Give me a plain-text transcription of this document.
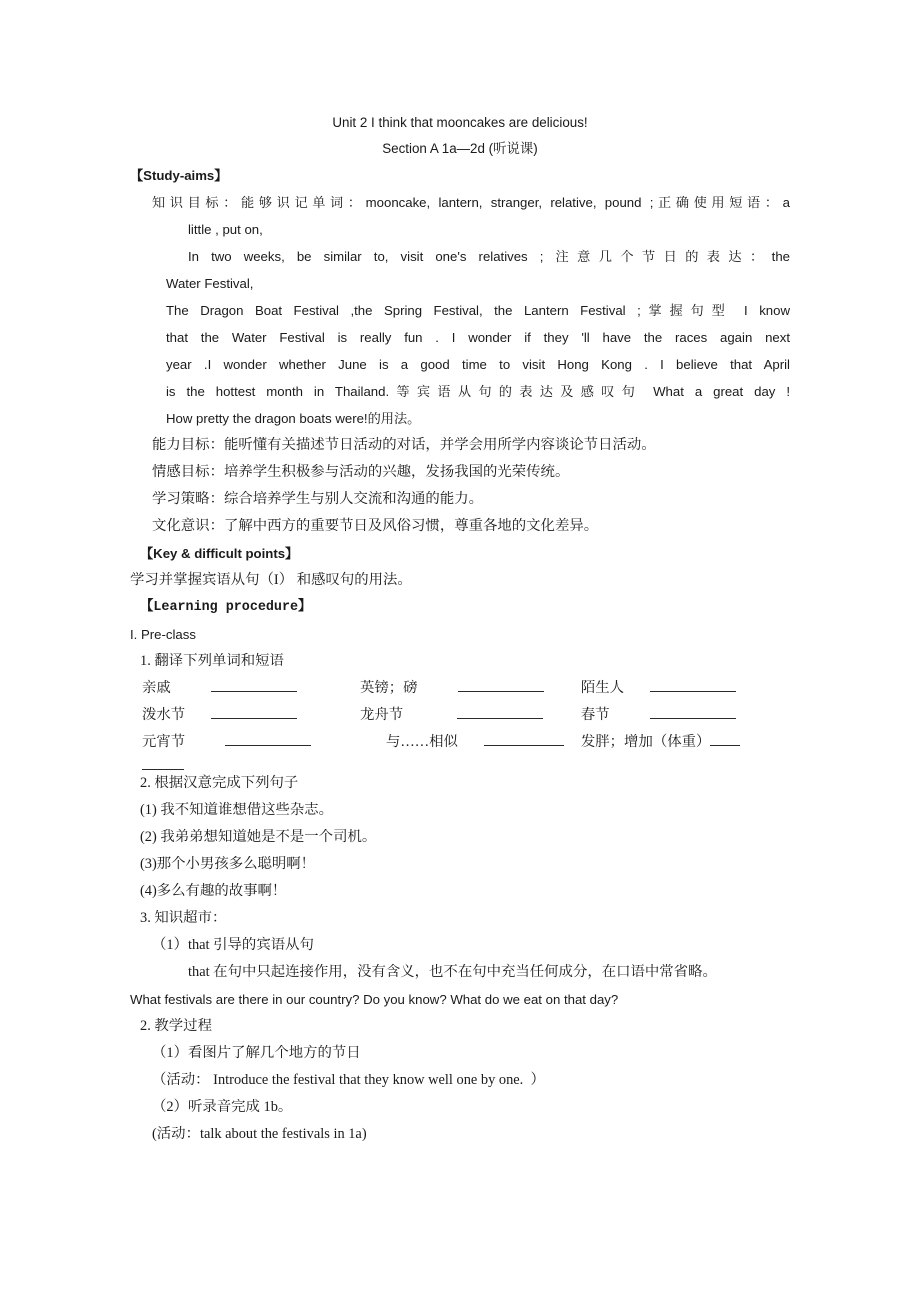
Unit 2 I think that mooncakes are delicious!
Section A 1a—2d (听说课)
【Study-aims】
知识目标：能够识记单词：mooncake, lantern, stranger, relative, pound ;正确使用短语：a
little , put on,
In two weeks, be similar to, visit one's relatives ; 注意几个节日的表达：the
Water Festival,
The Dragon Boat Festival ,the Spring Festival, the Lantern Festival ;掌握句型 I know
that the Water Festival is really fun . I wonder if they 'll have the races again next
year .I wonder whether June is a good time to visit Hong Kong . I believe that April
is the hottest month in Thailand.等宾语从句的表达及感叹句 What a great day !
How pretty the dragon boats were!的用法。
能力目标：能听懂有关描述节日活动的对话，并学会用所学内容谈论节日活动。
情感目标：培养学生积极参与活动的兴趣，发扬我国的光荣传统。
学习策略：综合培养学生与别人交流和沟通的能力。
文化意识：了解中西方的重要节日及风俗习惯，尊重各地的文化差异。
【Key & difficult points】
学习并掌握宾语从句（I） 和感叹句的用法。
【Learning procedure】
I. Pre-class
1. 翻译下列单词和短语
亲戚	英镑；磅	陌生人
泼水节	龙舟节	春节
元宵节	与……相似	发胖；增加（体重）
2. 根据汉意完成下列句子
(1) 我不知道谁想借这些杂志。
(2) 我弟弟想知道她是不是一个司机。
(3)那个小男孩多么聪明啊！
(4)多么有趣的故事啊！
3. 知识超市：
（1）that 引导的宾语从句
that 在句中只起连接作用，没有含义，也不在句中充当任何成分，在口语中常省略。
What festivals are there in our country? Do you know? What do we eat on that day?
2. 教学过程
（1）看图片了解几个地方的节日
（活动： Introduce the festival that they know well one by one.  ）
（2）听录音完成 1b。
(活动：talk about the festivals in 1a)
